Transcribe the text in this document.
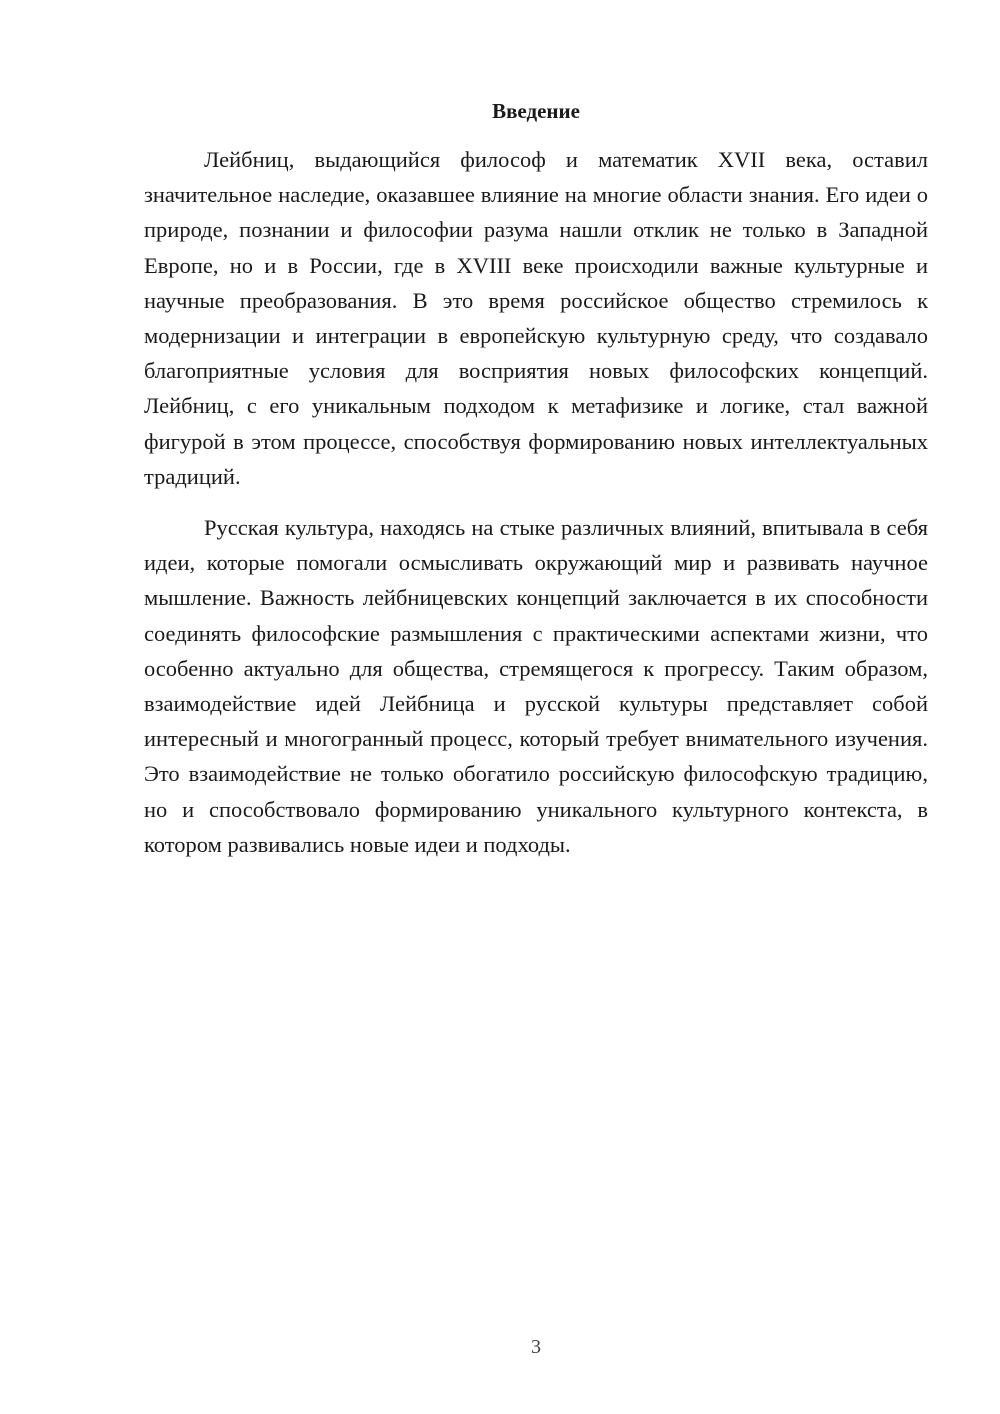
Введение

Лейбниц, выдающийся философ и математик XVII века, оставил значительное наследие, оказавшее влияние на многие области знания. Его идеи о природе, познании и философии разума нашли отклик не только в Западной Европе, но и в России, где в XVIII веке происходили важные культурные и научные преобразования. В это время российское общество стремилось к модернизации и интеграции в европейскую культурную среду, что создавало благоприятные условия для восприятия новых философских концепций. Лейбниц, с его уникальным подходом к метафизике и логике, стал важной фигурой в этом процессе, способствуя формированию новых интеллектуальных традиций.

Русская культура, находясь на стыке различных влияний, впитывала в себя идеи, которые помогали осмысливать окружающий мир и развивать научное мышление. Важность лейбницевских концепций заключается в их способности соединять философские размышления с практическими аспектами жизни, что особенно актуально для общества, стремящегося к прогрессу. Таким образом, взаимодействие идей Лейбница и русской культуры представляет собой интересный и многогранный процесс, который требует внимательного изучения. Это взаимодействие не только обогатило российскую философскую традицию, но и способствовало формированию уникального культурного контекста, в котором развивались новые идеи и подходы.

3
